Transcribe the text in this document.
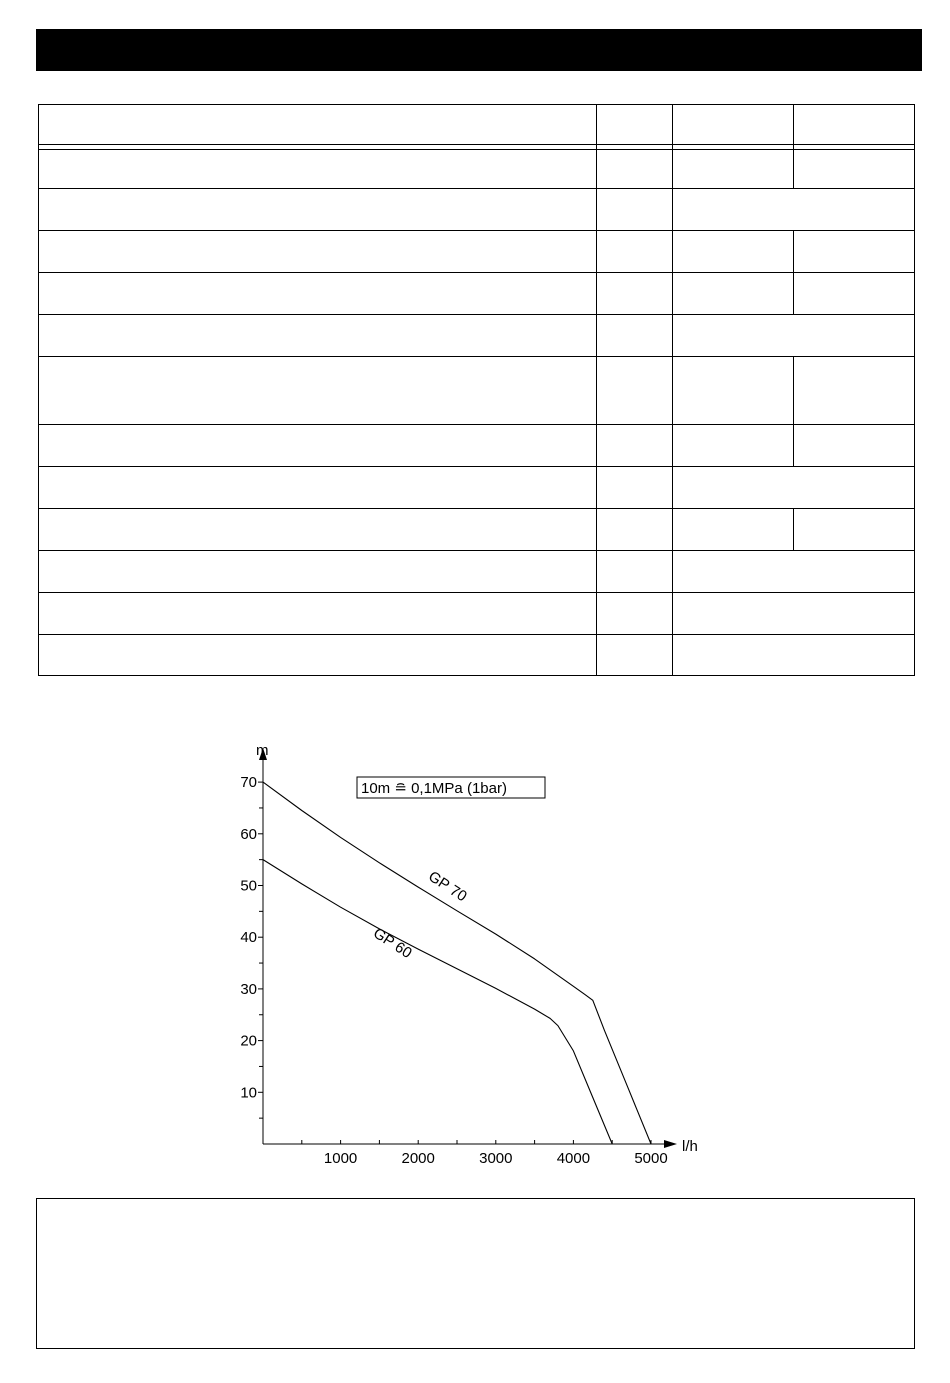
10
20
30
40
50
60
70
1000	2000	3000	4000	5000
m
l/h
10m ≘ 0,1MPa (1bar)
GP 70
GP 60
